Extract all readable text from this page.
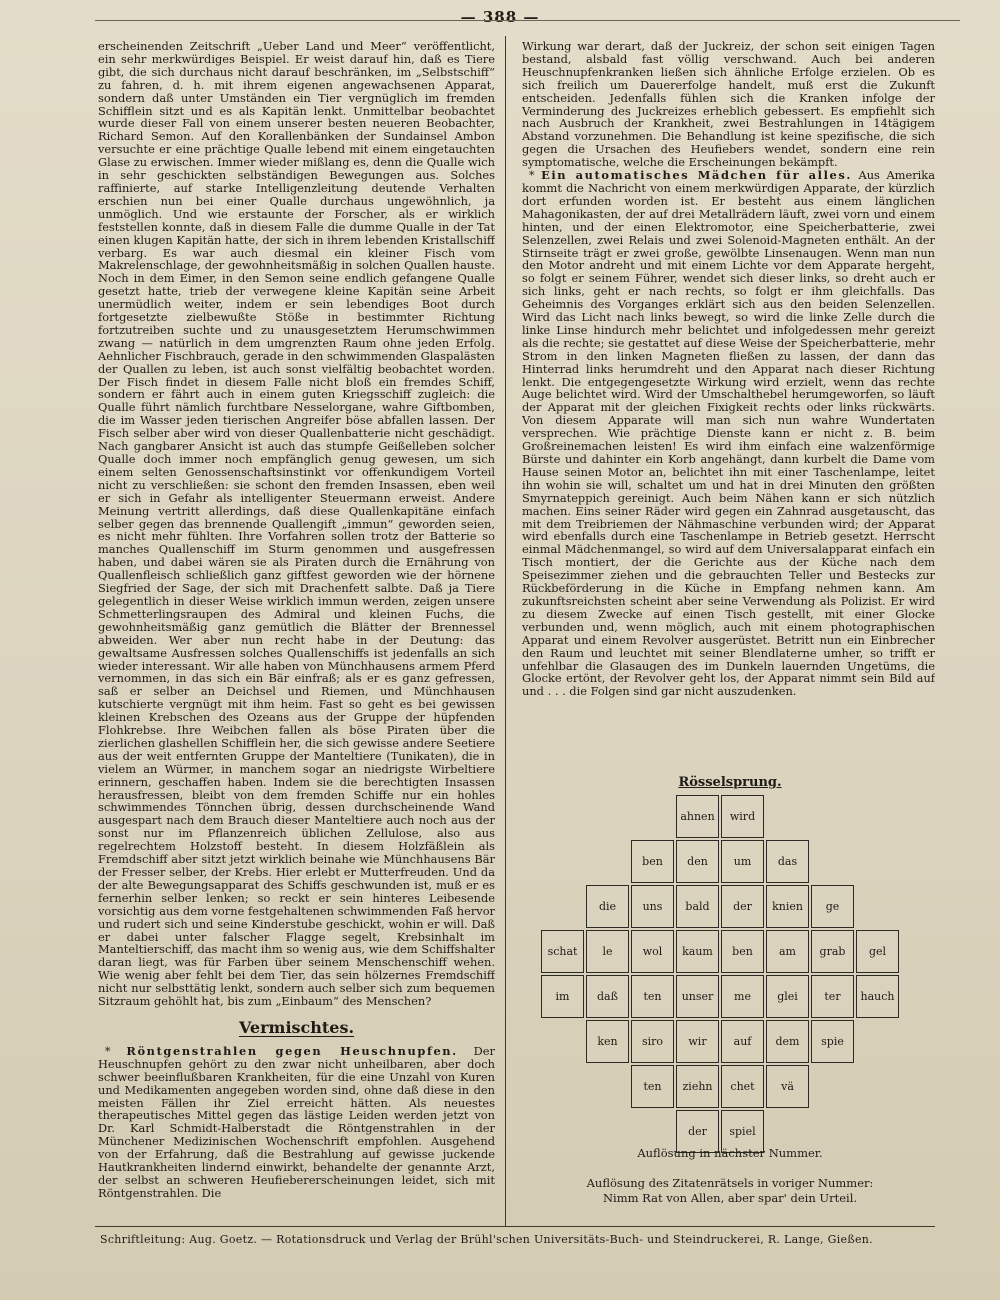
— 388 —

erscheinenden Zeitschrift „Ueber Land und Meer“ veröffentlicht, ein sehr merkwürdiges Beispiel. Er weist darauf hin, daß es Tiere gibt, die sich durchaus nicht darauf beschränken, im „Selbstschiff“ zu fahren, d. h. mit ihrem eigenen angewachsenen Apparat, sondern daß unter Umständen ein Tier vergnüglich im fremden Schifflein sitzt und es als Kapitän lenkt. Unmittelbar beobachtet wurde dieser Fall von einem unserer besten neueren Beobachter, Richard Semon. Auf den Korallenbänken der Sundainsel Ambon versuchte er eine prächtige Qualle lebend mit einem eingetauchten Glase zu erwischen. Immer wieder mißlang es, denn die Qualle wich in sehr geschickten selbständigen Bewegungen aus. Solches raffinierte, auf starke Intelligenzleitung deutende Verhalten erschien nun bei einer Qualle durchaus ungewöhnlich, ja unmöglich. Und wie erstaunte der Forscher, als er wirklich feststellen konnte, daß in diesem Falle die dumme Qualle in der Tat einen klugen Kapitän hatte, der sich in ihrem lebenden Kristallschiff verbarg. Es war auch diesmal ein kleiner Fisch vom Makrelenschlage, der gewohnheitsmäßig in solchen Quallen hauste. Noch in dem Eimer, in den Semon seine endlich gefangene Qualle gesetzt hatte, trieb der verwegene kleine Kapitän seine Arbeit unermüdlich weiter, indem er sein lebendiges Boot durch fortgesetzte zielbewußte Stöße in bestimmter Richtung fortzutreiben suchte und zu unausgesetztem Herumschwimmen zwang — natürlich in dem umgrenzten Raum ohne jeden Erfolg. Aehnlicher Fischbrauch, gerade in den schwimmenden Glaspalästen der Quallen zu leben, ist auch sonst vielfältig beobachtet worden. Der Fisch findet in diesem Falle nicht bloß ein fremdes Schiff, sondern er fährt auch in einem guten Kriegsschiff zugleich: die Qualle führt nämlich furchtbare Nesselorgane, wahre Giftbomben, die im Wasser jeden tierischen Angreifer böse abfallen lassen. Der Fisch selber aber wird von dieser Quallenbatterie nicht geschädigt. Nach gangbarer Ansicht ist auch das stumpfe Geißelleben solcher Qualle doch immer noch empfänglich genug gewesen, um sich einem selten Genossenschaftsinstinkt vor offenkundigem Vorteil nicht zu verschließen: sie schont den fremden Insassen, eben weil er sich in Gefahr als intelligenter Steuermann erweist. Andere Meinung vertritt allerdings, daß diese Quallenkapitäne einfach selber gegen das brennende Quallengift „immun“ geworden seien, es nicht mehr fühlten. Ihre Vorfahren sollen trotz der Batterie so manches Quallenschiff im Sturm genommen und ausgefressen haben, und dabei wären sie als Piraten durch die Ernährung von Quallenfleisch schließlich ganz giftfest geworden wie der hörnene Siegfried der Sage, der sich mit Drachenfett salbte. Daß ja Tiere gelegentlich in dieser Weise wirklich immun werden, zeigen unsere Schmetterlingsraupen des Admiral und kleinen Fuchs, die gewohnheitsmäßig ganz gemütlich die Blätter der Brennessel abweiden. Wer aber nun recht habe in der Deutung: das gewaltsame Ausfressen solches Quallenschiffs ist jedenfalls an sich wieder interessant. Wir alle haben von Münchhausens armem Pferd vernommen, in das sich ein Bär einfraß; als er es ganz gefressen, saß er selber an Deichsel und Riemen, und Münchhausen kutschierte vergnügt mit ihm heim. Fast so geht es bei gewissen kleinen Krebschen des Ozeans aus der Gruppe der hüpfenden Flohkrebse. Ihre Weibchen fallen als böse Piraten über die zierlichen glashellen Schifflein her, die sich gewisse andere Seetiere aus der weit entfernten Gruppe der Manteltiere (Tunikaten), die in vielem an Würmer, in manchem sogar an niedrigste Wirbeltiere erinnern, geschaffen haben. Indem sie die berechtigten Insassen herausfressen, bleibt von dem fremden Schiffe nur ein hohles schwimmendes Tönnchen übrig, dessen durchscheinende Wand ausgespart nach dem Brauch dieser Manteltiere auch noch aus der sonst nur im Pflanzenreich üblichen Zellulose, also aus regelrechtem Holzstoff besteht. In diesem Holzfäßlein als Fremdschiff aber sitzt jetzt wirklich beinahe wie Münchhausens Bär der Fresser selber, der Krebs. Hier erlebt er Mutterfreuden. Und da der alte Bewegungsapparat des Schiffs geschwunden ist, muß er es fernerhin selber lenken; so reckt er sein hinteres Leibesende vorsichtig aus dem vorne festgehaltenen schwimmenden Faß hervor und rudert sich und seine Kinderstube geschickt, wohin er will. Daß er dabei unter falscher Flagge segelt, Krebsinhalt im Manteltierschiff, das macht ihm so wenig aus, wie dem Schiffshalter daran liegt, was für Farben über seinem Menschenschiff wehen. Wie wenig aber fehlt bei dem Tier, das sein hölzernes Fremdschiff nicht nur selbsttätig lenkt, sondern auch selber sich zum bequemen Sitzraum gehöhlt hat, bis zum „Einbaum“ des Menschen?

Vermischtes.

* Röntgenstrahlen gegen Heuschnupfen. Der Heuschnupfen gehört zu den zwar nicht unheilbaren, aber doch schwer beeinflußbaren Krankheiten, für die eine Unzahl von Kuren und Medikamenten angegeben worden sind, ohne daß diese in den meisten Fällen ihr Ziel erreicht hätten. Als neuestes therapeutisches Mittel gegen das lästige Leiden werden jetzt von Dr. Karl Schmidt-Halberstadt die Röntgenstrahlen in der Münchener Medizinischen Wochenschrift empfohlen. Ausgehend von der Erfahrung, daß die Bestrahlung auf gewisse juckende Hautkrankheiten lindernd einwirkt, behandelte der genannte Arzt, der selbst an schweren Heufiebererscheinungen leidet, sich mit Röntgenstrahlen. Die

Wirkung war derart, daß der Juckreiz, der schon seit einigen Tagen bestand, alsbald fast völlig verschwand. Auch bei anderen Heuschnupfenkranken ließen sich ähnliche Erfolge erzielen. Ob es sich freilich um Dauererfolge handelt, muß erst die Zukunft entscheiden. Jedenfalls fühlen sich die Kranken infolge der Verminderung des Juckreizes erheblich gebessert. Es empfiehlt sich nach Ausbruch der Krankheit, zwei Bestrahlungen in 14tägigem Abstand vorzunehmen. Die Behandlung ist keine spezifische, die sich gegen die Ursachen des Heufiebers wendet, sondern eine rein symptomatische, welche die Erscheinungen bekämpft.

* Ein automatisches Mädchen für alles. Aus Amerika kommt die Nachricht von einem merkwürdigen Apparate, der kürzlich dort erfunden worden ist. Er besteht aus einem länglichen Mahagonikasten, der auf drei Metallrädern läuft, zwei vorn und einem hinten, und der einen Elektromotor, eine Speicherbatterie, zwei Selenzellen, zwei Relais und zwei Solenoid-Magneten enthält. An der Stirnseite trägt er zwei große, gewölbte Linsenaugen. Wenn man nun den Motor andreht und mit einem Lichte vor dem Apparate hergeht, so folgt er seinem Führer, wendet sich dieser links, so dreht auch er sich links, geht er nach rechts, so folgt er ihm gleichfalls. Das Geheimnis des Vorganges erklärt sich aus den beiden Selenzellen. Wird das Licht nach links bewegt, so wird die linke Zelle durch die linke Linse hindurch mehr belichtet und infolgedessen mehr gereizt als die rechte; sie gestattet auf diese Weise der Speicherbatterie, mehr Strom in den linken Magneten fließen zu lassen, der dann das Hinterrad links herumdreht und den Apparat nach dieser Richtung lenkt. Die entgegengesetzte Wirkung wird erzielt, wenn das rechte Auge belichtet wird. Wird der Umschalthebel herumgeworfen, so läuft der Apparat mit der gleichen Fixigkeit rechts oder links rückwärts. Von diesem Apparate will man sich nun wahre Wundertaten versprechen. Wie prächtige Dienste kann er nicht z. B. beim Großreinemachen leisten! Es wird ihm einfach eine walzenförmige Bürste und dahinter ein Korb angehängt, dann kurbelt die Dame vom Hause seinen Motor an, belichtet ihn mit einer Taschenlampe, leitet ihn wohin sie will, schaltet um und hat in drei Minuten den größten Smyrnateppich gereinigt. Auch beim Nähen kann er sich nützlich machen. Eins seiner Räder wird gegen ein Zahnrad ausgetauscht, das mit dem Treibriemen der Nähmaschine verbunden wird; der Apparat wird ebenfalls durch eine Taschenlampe in Betrieb gesetzt. Herrscht einmal Mädchenmangel, so wird auf dem Universalapparat einfach ein Tisch montiert, der die Gerichte aus der Küche nach dem Speisezimmer ziehen und die gebrauchten Teller und Bestecks zur Rückbeförderung in die Küche in Empfang nehmen kann. Am zukunftsreichsten scheint aber seine Verwendung als Polizist. Er wird zu diesem Zwecke auf einen Tisch gestellt, mit einer Glocke verbunden und, wenn möglich, auch mit einem photographischen Apparat und einem Revolver ausgerüstet. Betritt nun ein Einbrecher den Raum und leuchtet mit seiner Blendlaterne umher, so trifft er unfehlbar die Glasaugen des im Dunkeln lauernden Ungetüms, die Glocke ertönt, der Revolver geht los, der Apparat nimmt sein Bild auf und . . . die Folgen sind gar nicht auszudenken.

Rösselsprung.
ahnen	wird
ben	den	um	das
die	uns	bald	der	knien	ge
schat	le	wol	kaum	ben	am	grab	gel
im	daß	ten	unser	me	glei	ter	hauch
ken	siro	wir	auf	dem	spie
ten	ziehn	chet	vä
der	spiel
Auflösung in nächster Nummer.
Auflösung des Zitatenrätsels in voriger Nummer:
Nimm Rat von Allen, aber spar' dein Urteil.
Schriftleitung: Aug. Goetz. — Rotationsdruck und Verlag der Brühl'schen Universitäts-Buch- und Steindruckerei, R. Lange, Gießen.
